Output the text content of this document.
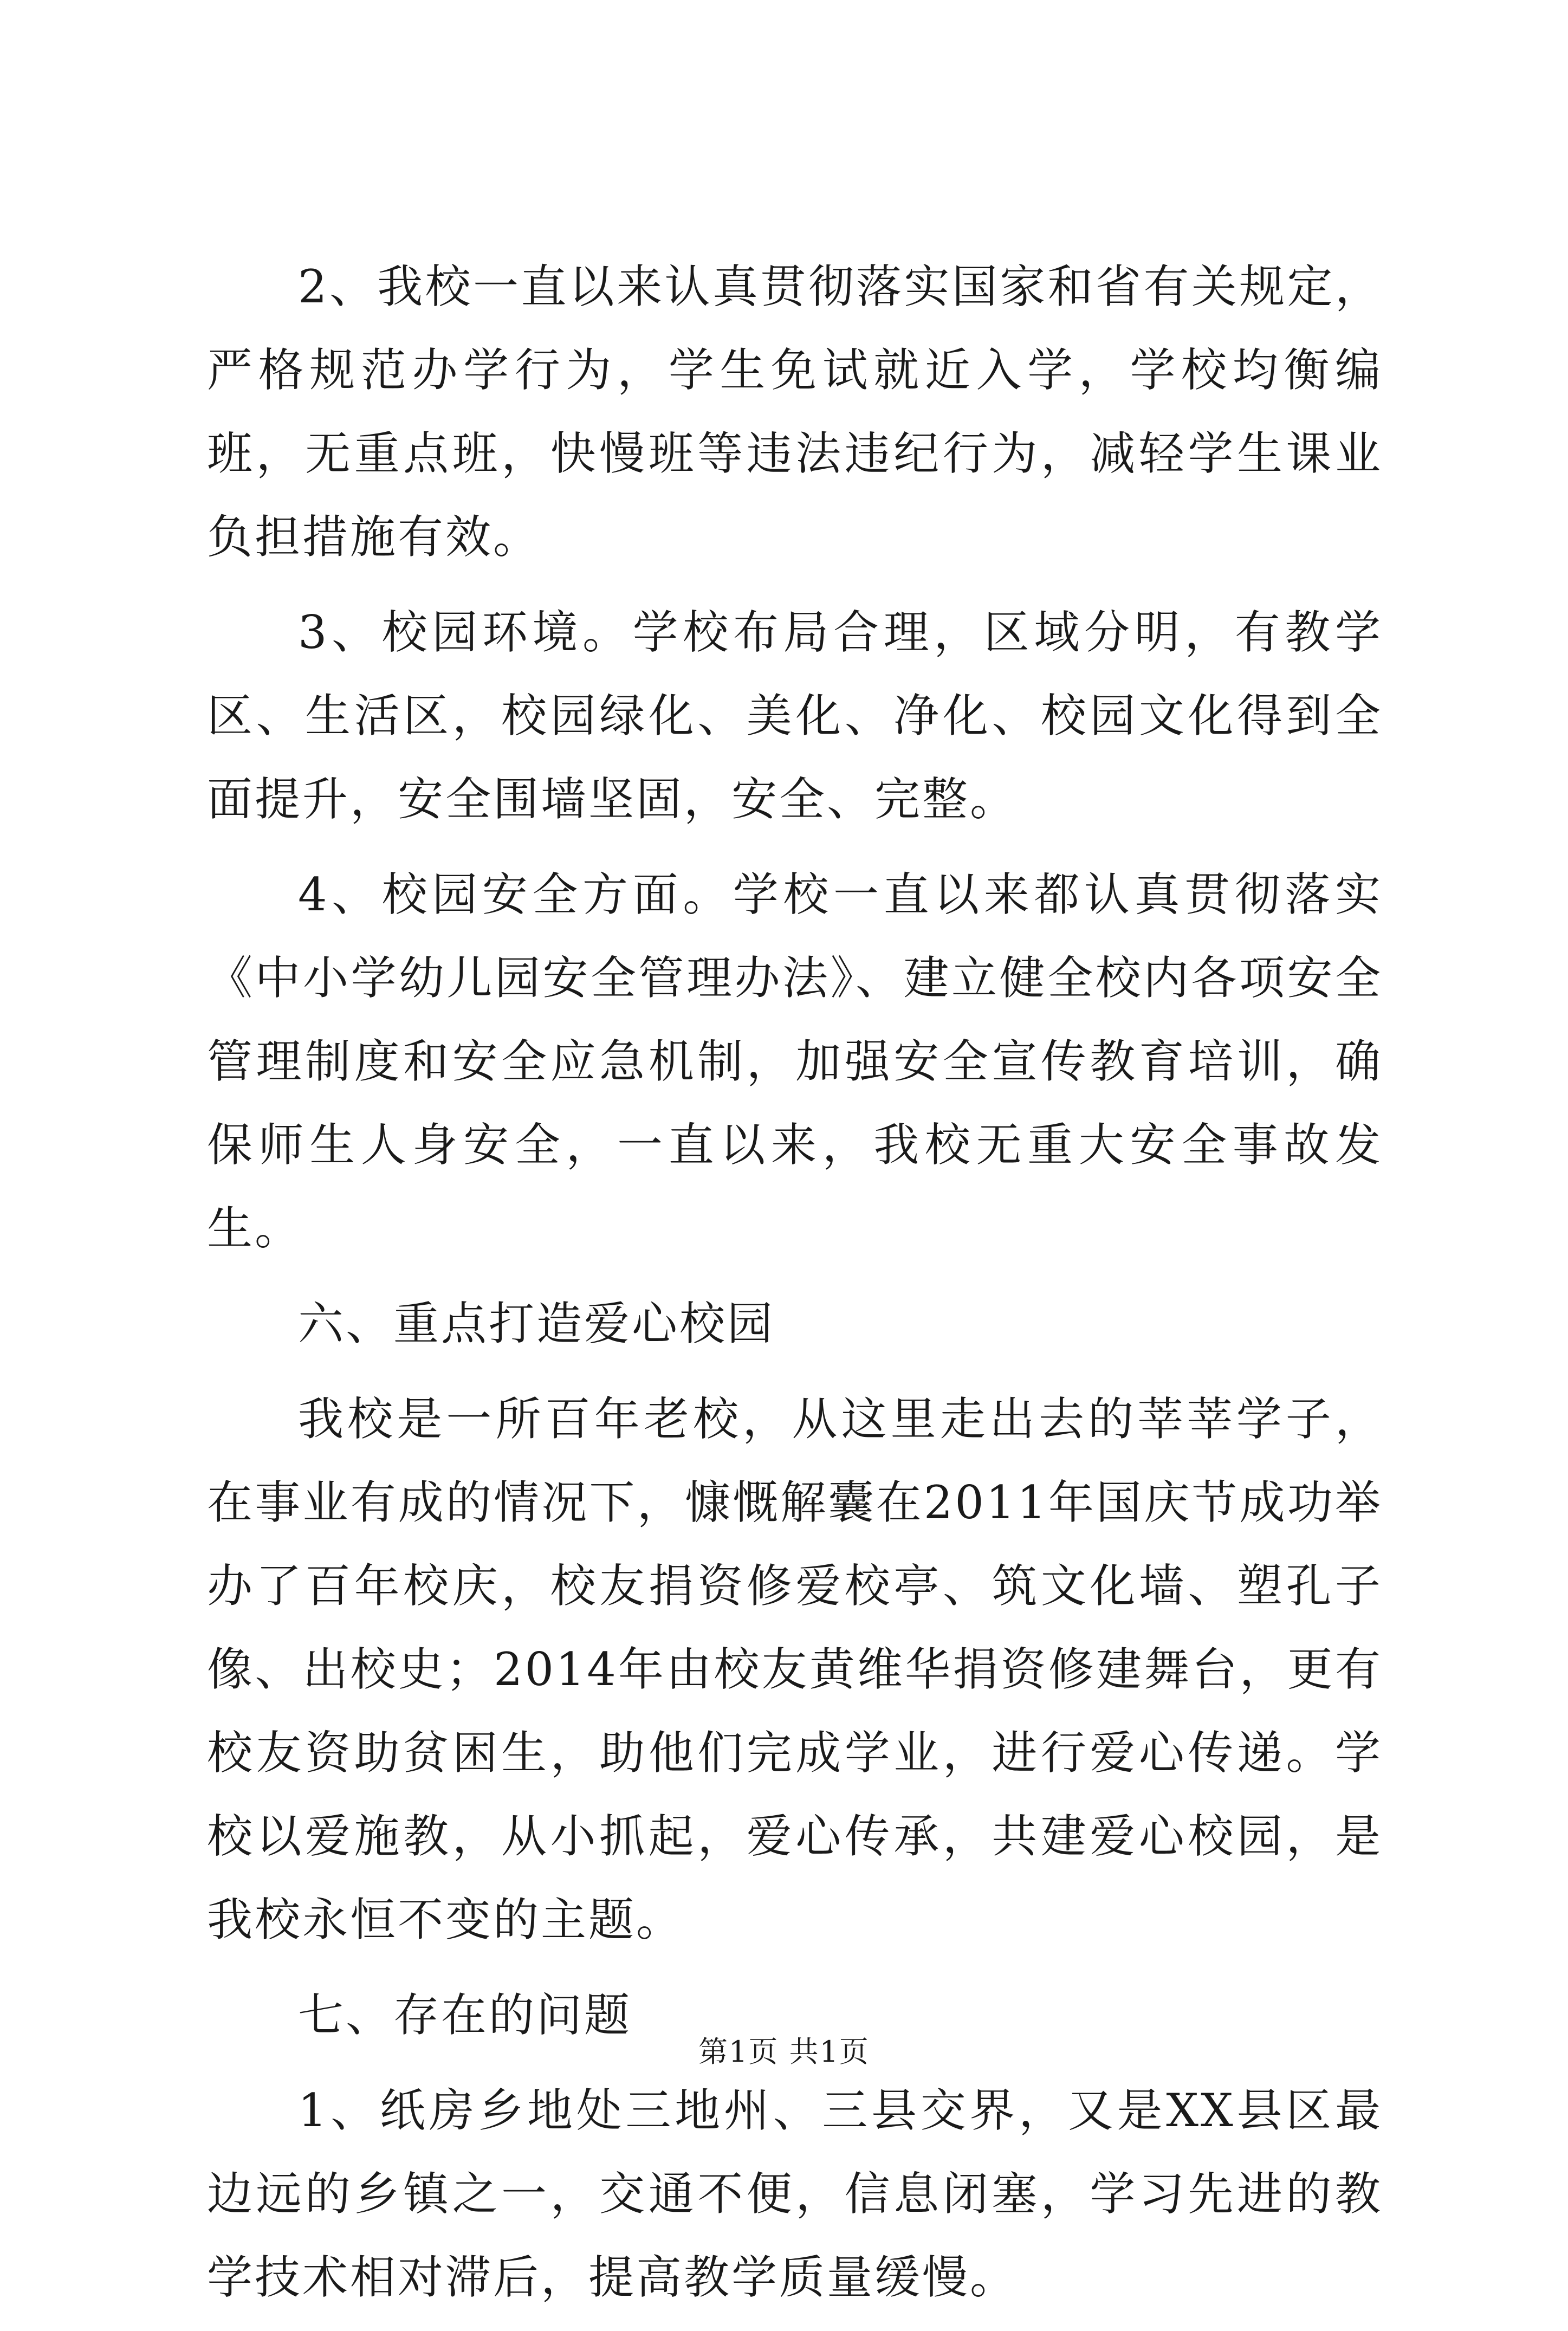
2、我校一直以来认真贯彻落实国家和省有关规定，严格规范办学行为，学生免试就近入学，学校均衡编班，无重点班，快慢班等违法违纪行为，减轻学生课业负担措施有效。

3、校园环境。学校布局合理，区域分明，有教学区、生活区，校园绿化、美化、净化、校园文化得到全面提升，安全围墙坚固，安全、完整。

4、校园安全方面。学校一直以来都认真贯彻落实《中小学幼儿园安全管理办法》、建立健全校内各项安全管理制度和安全应急机制，加强安全宣传教育培训，确保师生人身安全，一直以来，我校无重大安全事故发生。

六、重点打造爱心校园

我校是一所百年老校，从这里走出去的莘莘学子，在事业有成的情况下，慷慨解囊在2011年国庆节成功举办了百年校庆，校友捐资修爱校亭、筑文化墙、塑孔子像、出校史；2014年由校友黄维华捐资修建舞台，更有校友资助贫困生，助他们完成学业，进行爱心传递。学校以爱施教，从小抓起，爱心传承，共建爱心校园，是我校永恒不变的主题。

七、存在的问题

1、纸房乡地处三地州、三县交界，又是XX县区最边远的乡镇之一，交通不便，信息闭塞，学习先进的教学技术相对滞后，提高教学质量缓慢。

第1页 共1页
